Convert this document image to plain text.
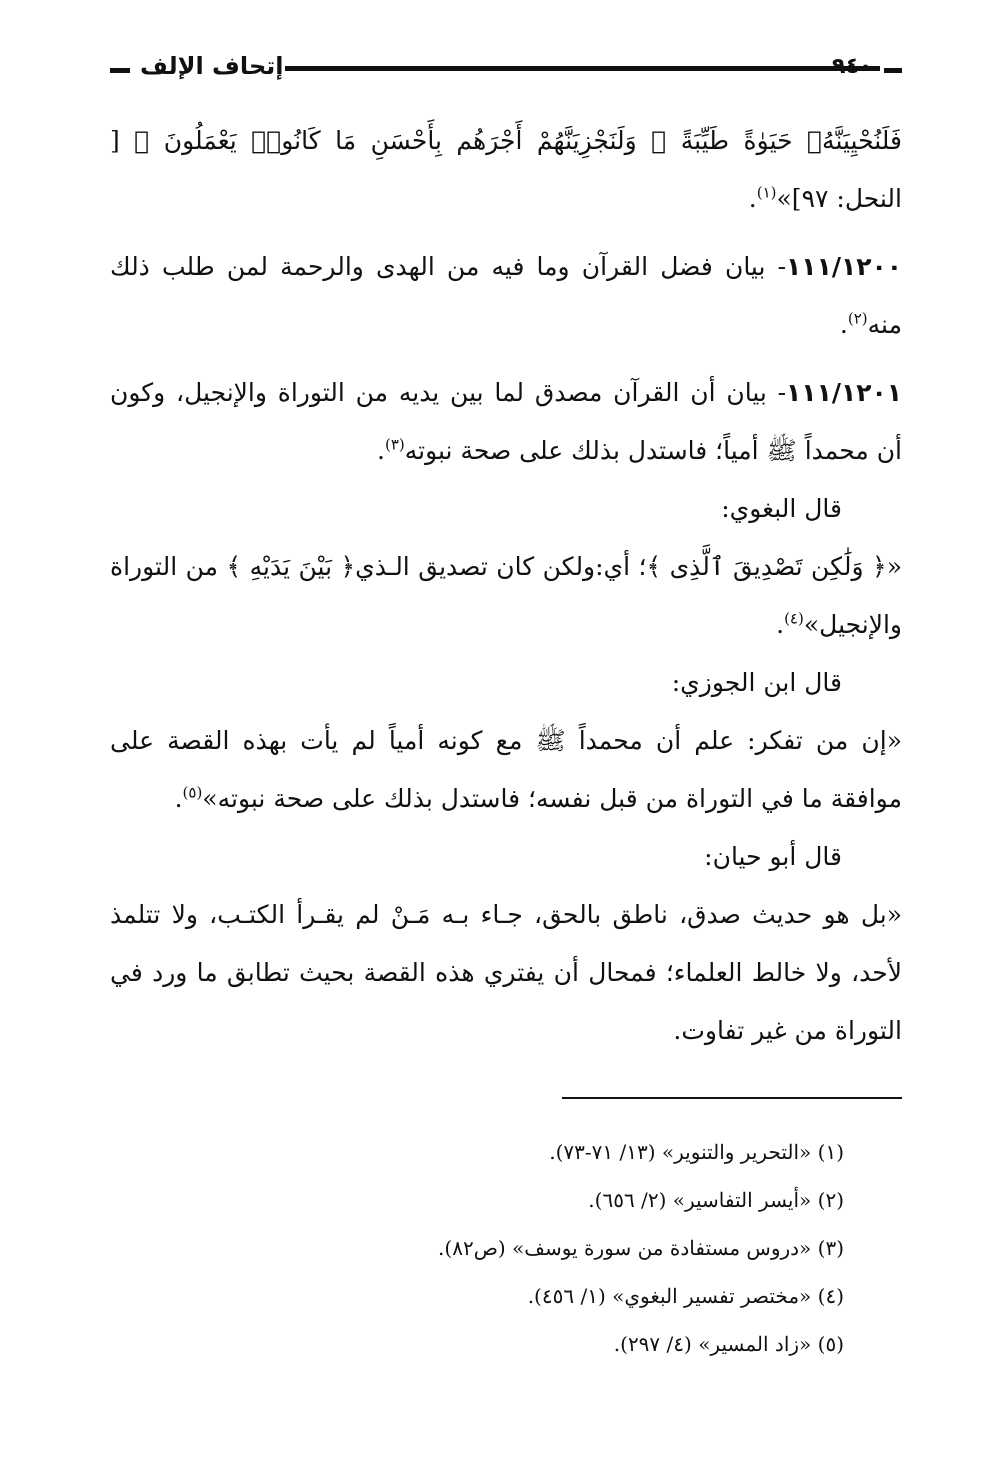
إتحاف الإلف	٩٤٠

فَلَنُحْيِيَنَّهُۥ حَيَوٰةً طَيِّبَةً ۖ وَلَنَجْزِيَنَّهُمْ أَجْرَهُم بِأَحْسَنِ مَا كَانُوا۟ يَعْمَلُونَ ﴾ [ النحل: ٩٧]»$^{(١)}$.

١١١/١٢٠٠- بيان فضل القرآن وما فيه من الهدى والرحمة لمن طلب ذلك منه$^{(٢)}$.

١١١/١٢٠١- بيان أن القرآن مصدق لما بين يديه من التوراة والإنجيل، وكون أن محمداً ﷺ أمياً؛ فاستدل بذلك على صحة نبوته$^{(٣)}$.

قال البغوي:

«﴿ وَلَٰكِن تَصْدِيقَ ٱلَّذِى ﴾؛ أي:ولكن كان تصديق الـذي﴿ بَيْنَ يَدَيْهِ ﴾ من التوراة والإنجيل»$^{(٤)}$.

قال ابن الجوزي:

«إن من تفكر: علم أن محمداً ﷺ مع كونه أمياً لم يأت بهذه القصة على موافقة ما في التوراة من قبل نفسه؛ فاستدل بذلك على صحة نبوته»$^{(٥)}$.

قال أبو حيان:

«بل هو حديث صدق، ناطق بالحق، جـاء بـه مَـنْ لم يقـرأ الكتـب، ولا تتلمذ لأحد، ولا خالط العلماء؛ فمحال أن يفتري هذه القصة بحيث تطابق ما ورد في التوراة من غير تفاوت.

(١) «التحرير والتنوير» (١٣/ ٧١-٧٣).
(٢) «أيسر التفاسير» (٢/ ٦٥٦).
(٣) «دروس مستفادة من سورة يوسف» (ص٨٢).
(٤) «مختصر تفسير البغوي» (١/ ٤٥٦).
(٥) «زاد المسير» (٤/ ٢٩٧).
